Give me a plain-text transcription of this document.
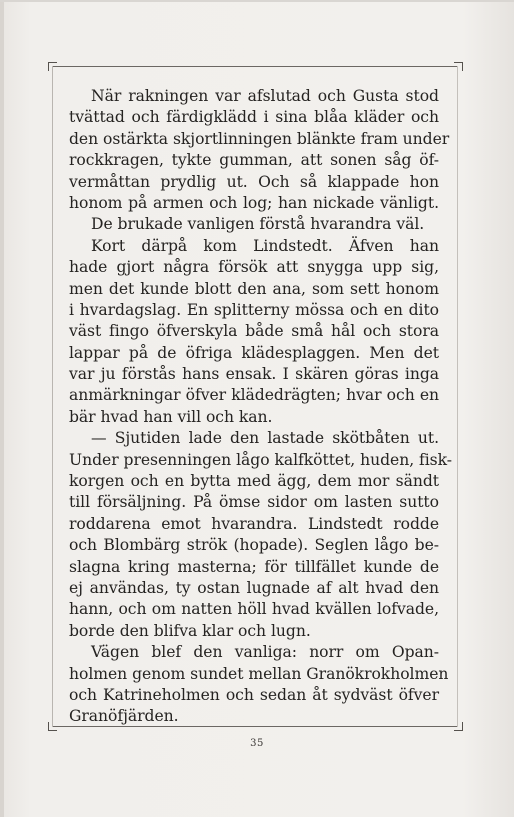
När rakningen var afslutad och Gusta stod
tvättad och färdigklädd i sina blåa kläder och
den ostärkta skjortlinningen blänkte fram under
rockkragen, tykte gumman, att sonen såg öf-
vermåttan prydlig ut. Och så klappade hon
honom på armen och log; han nickade vänligt.
De brukade vanligen förstå hvarandra väl.
Kort därpå kom Lindstedt. Äfven han
hade gjort några försök att snygga upp sig,
men det kunde blott den ana, som sett honom
i hvardagslag. En splitterny mössa och en dito
väst fingo öfverskyla både små hål och stora
lappar på de öfriga klädesplaggen. Men det
var ju förstås hans ensak. I skären göras inga
anmärkningar öfver klädedrägten; hvar och en
bär hvad han vill och kan.
— Sjutiden lade den lastade skötbåten ut.
Under presenningen lågo kalfköttet, huden, fisk-
korgen och en bytta med ägg, dem mor sändt
till försäljning. På ömse sidor om lasten sutto
roddarena emot hvarandra. Lindstedt rodde
och Blombärg strök (hopade). Seglen lågo be-
slagna kring masterna; för tillfället kunde de
ej användas, ty ostan lugnade af alt hvad den
hann, och om natten höll hvad kvällen lofvade,
borde den blifva klar och lugn.
Vägen blef den vanliga: norr om Opan-
holmen genom sundet mellan Granökrokholmen
och Katrineholmen och sedan åt sydväst öfver
Granöfjärden.
35
